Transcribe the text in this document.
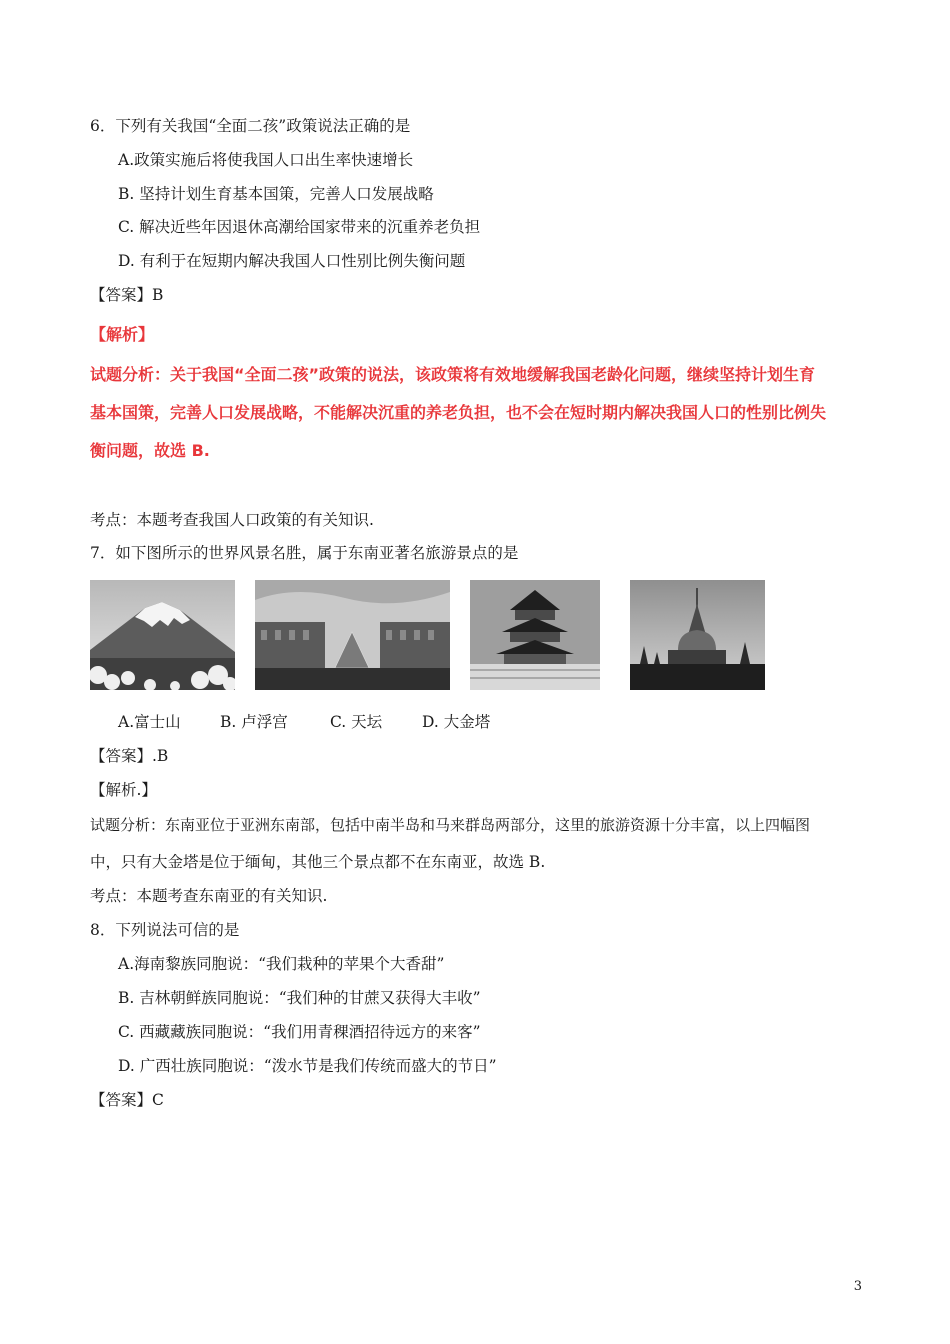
6．下列有关我国“全面二孩”政策说法正确的是
A.政策实施后将使我国人口出生率快速增长
B. 坚持计划生育基本国策，完善人口发展战略
C. 解决近些年因退休高潮给国家带来的沉重养老负担
D. 有利于在短期内解决我国人口性别比例失衡问题
【答案】B
【解析】
试题分析：关于我国“全面二孩”政策的说法，该政策将有效地缓解我国老龄化问题，继续坚持计划生育
基本国策，完善人口发展战略，不能解决沉重的养老负担，也不会在短时期内解决我国人口的性别比例失
衡问题，故选 B.
考点：本题考查我国人口政策的有关知识.
7．如下图所示的世界风景名胜，属于东南亚著名旅游景点的是
A.富士山	B. 卢浮宫	C. 天坛	D. 大金塔
【答案】.B
【解析.】
试题分析：东南亚位于亚洲东南部，包括中南半岛和马来群岛两部分，这里的旅游资源十分丰富，以上四幅图
中，只有大金塔是位于缅甸，其他三个景点都不在东南亚，故选 B.
考点：本题考查东南亚的有关知识.
8．下列说法可信的是
A.海南黎族同胞说：“我们栽种的苹果个大香甜”
B. 吉林朝鲜族同胞说：“我们种的甘蔗又获得大丰收”
C. 西藏藏族同胞说：“我们用青稞酒招待远方的来客”
D. 广西壮族同胞说：“泼水节是我们传统而盛大的节日”
【答案】C
3
